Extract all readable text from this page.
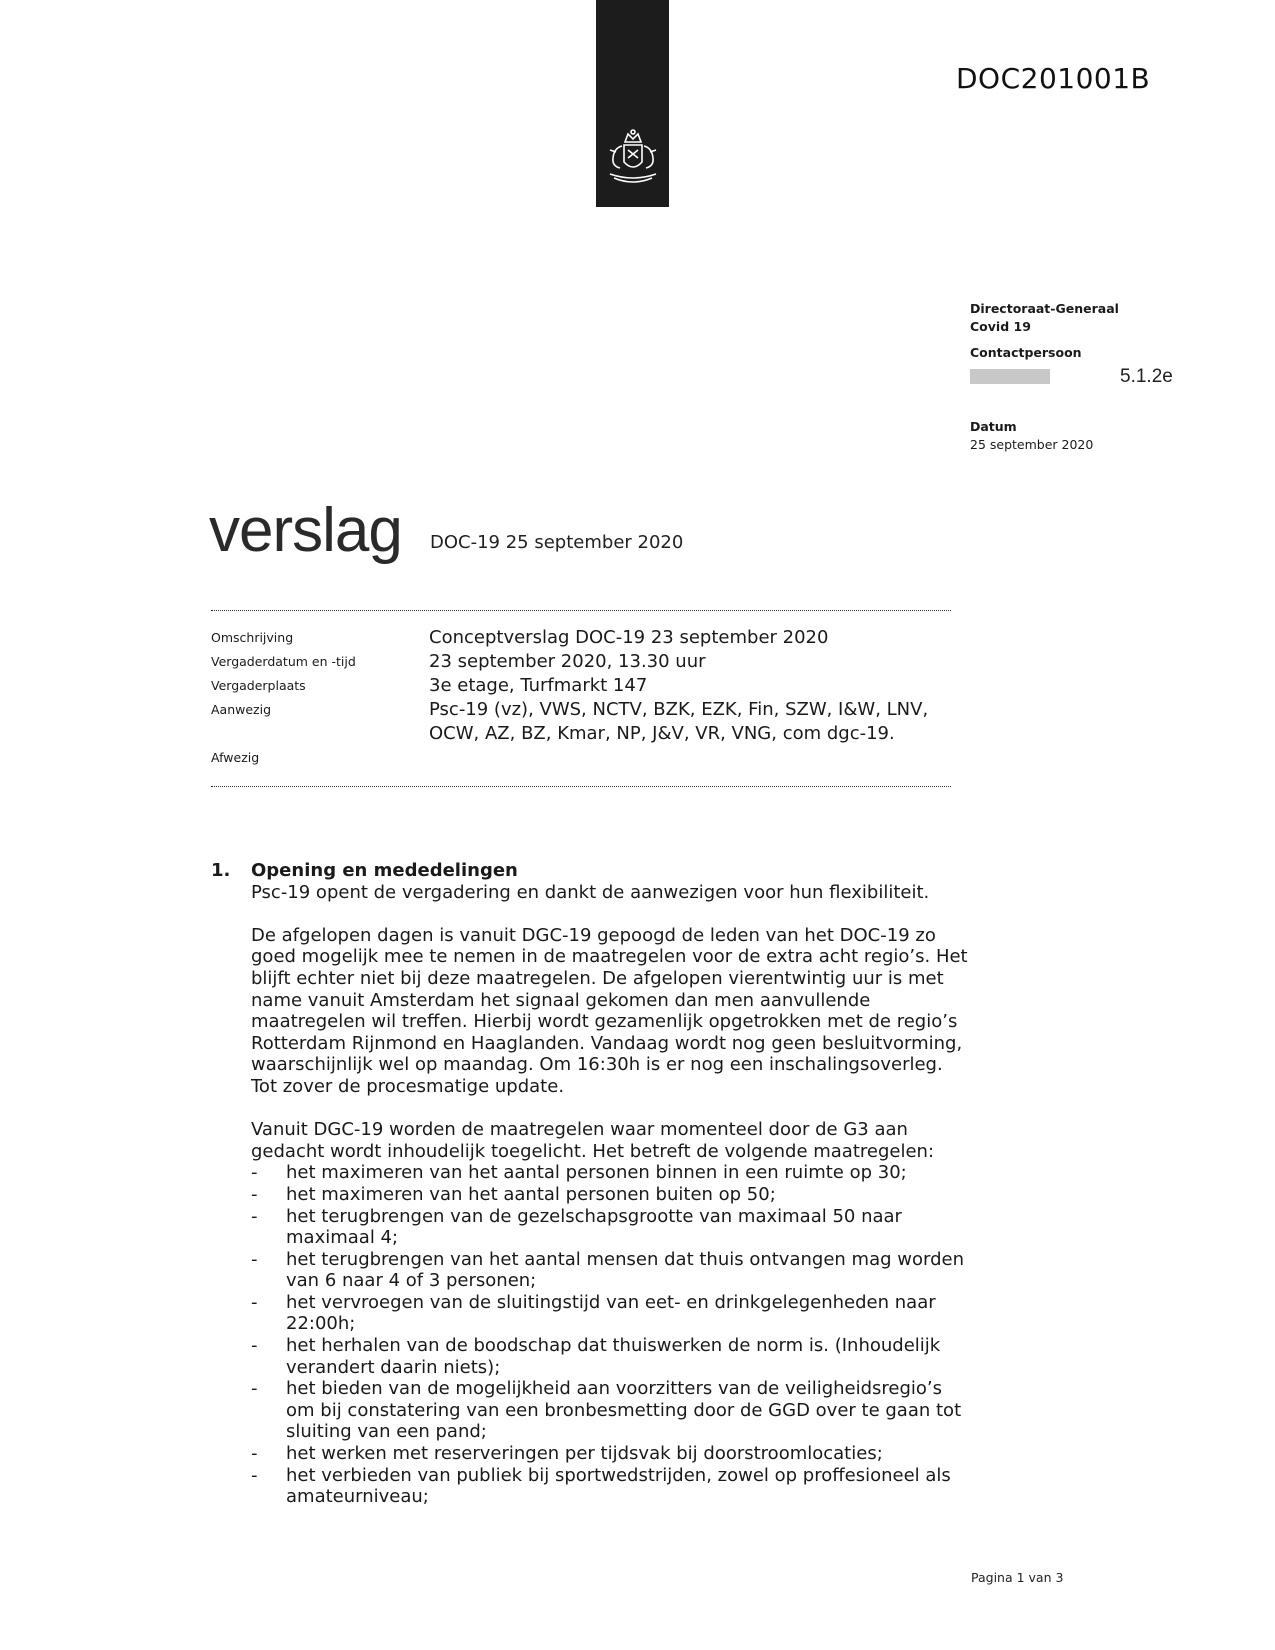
DOC201001B
Directoraat-Generaal
Covid 19
Contactpersoon
Datum
25 september 2020
5.1.2e
verslag DOC-19 25 september 2020
Omschrijving	Conceptverslag DOC-19 23 september 2020
Vergaderdatum en -tijd	23 september 2020, 13.30 uur
Vergaderplaats	3e etage, Turfmarkt 147
Aanwezig	Psc-19 (vz), VWS, NCTV, BZK, EZK, Fin, SZW, I&W, LNV, OCW, AZ, BZ, Kmar, NP, J&V, VR, VNG, com dgc-19.
Afwezig
1.	Opening en mededelingen

Psc-19 opent de vergadering en dankt de aanwezigen voor hun flexibiliteit.

De afgelopen dagen is vanuit DGC-19 gepoogd de leden van het DOC-19 zo goed mogelijk mee te nemen in de maatregelen voor de extra acht regio’s. Het blijft echter niet bij deze maatregelen. De afgelopen vierentwintig uur is met name vanuit Amsterdam het signaal gekomen dan men aanvullende maatregelen wil treffen. Hierbij wordt gezamenlijk opgetrokken met de regio’s Rotterdam Rijnmond en Haaglanden. Vandaag wordt nog geen besluitvorming, waarschijnlijk wel op maandag. Om 16:30h is er nog een inschalingsoverleg. Tot zover de procesmatige update.

Vanuit DGC-19 worden de maatregelen waar momenteel door de G3 aan gedacht wordt inhoudelijk toegelicht. Het betreft de volgende maatregelen:

-	het maximeren van het aantal personen binnen in een ruimte op 30;
-	het maximeren van het aantal personen buiten op 50;
-	het terugbrengen van de gezelschapsgrootte van maximaal 50 naar maximaal 4;
-	het terugbrengen van het aantal mensen dat thuis ontvangen mag worden van 6 naar 4 of 3 personen;
-	het vervroegen van de sluitingstijd van eet- en drinkgelegenheden naar 22:00h;
-	het herhalen van de boodschap dat thuiswerken de norm is. (Inhoudelijk verandert daarin niets);
-	het bieden van de mogelijkheid aan voorzitters van de veiligheidsregio’s om bij constatering van een bronbesmetting door de GGD over te gaan tot sluiting van een pand;
-	het werken met reserveringen per tijdsvak bij doorstroomlocaties;
-	het verbieden van publiek bij sportwedstrijden, zowel op proffesioneel als amateurniveau;
Pagina 1 van 3
